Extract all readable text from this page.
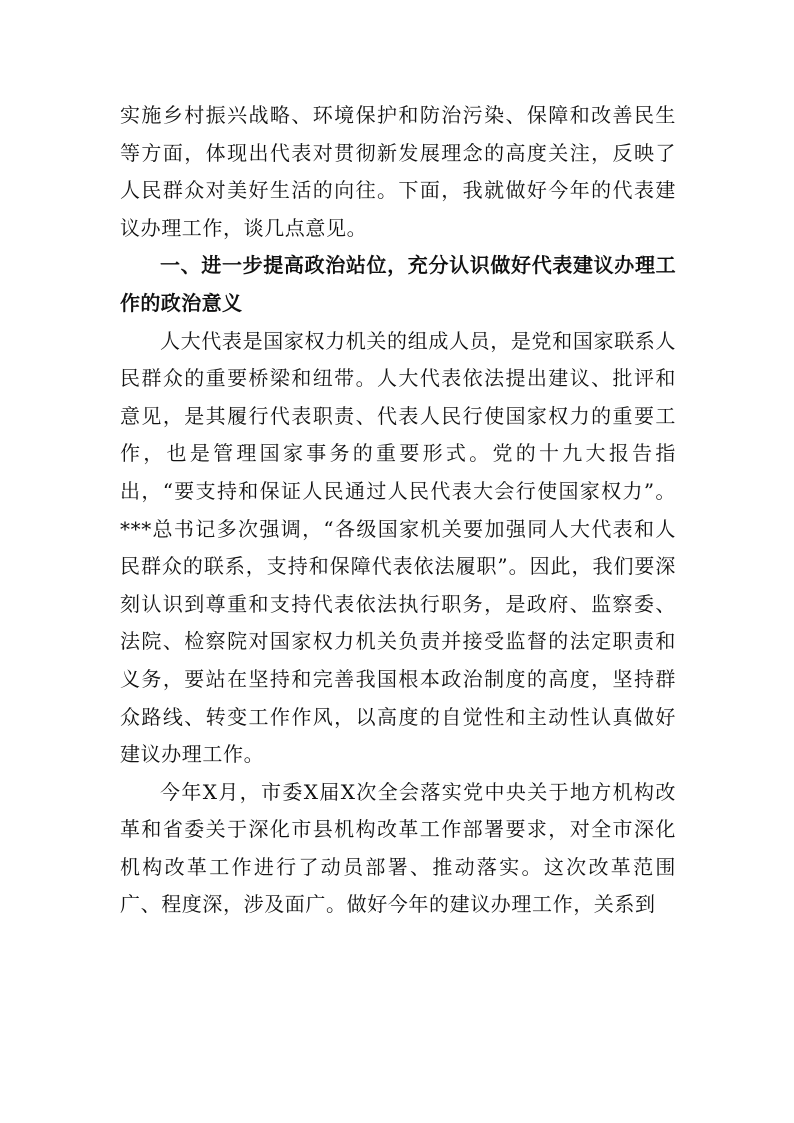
实施乡村振兴战略、环境保护和防治污染、保障和改善民生等方面，体现出代表对贯彻新发展理念的高度关注，反映了人民群众对美好生活的向往。下面，我就做好今年的代表建议办理工作，谈几点意见。

一、进一步提高政治站位，充分认识做好代表建议办理工作的政治意义

人大代表是国家权力机关的组成人员，是党和国家联系人民群众的重要桥梁和纽带。人大代表依法提出建议、批评和意见，是其履行代表职责、代表人民行使国家权力的重要工作，也是管理国家事务的重要形式。党的十九大报告指出，“要支持和保证人民通过人民代表大会行使国家权力”。***总书记多次强调，“各级国家机关要加强同人大代表和人民群众的联系，支持和保障代表依法履职”。因此，我们要深刻认识到尊重和支持代表依法执行职务，是政府、监察委、法院、检察院对国家权力机关负责并接受监督的法定职责和义务，要站在坚持和完善我国根本政治制度的高度，坚持群众路线、转变工作作风，以高度的自觉性和主动性认真做好建议办理工作。

今年X月，市委X届X次全会落实党中央关于地方机构改革和省委关于深化市县机构改革工作部署要求，对全市深化机构改革工作进行了动员部署、推动落实。这次改革范围广、程度深，涉及面广。做好今年的建议办理工作，关系到
